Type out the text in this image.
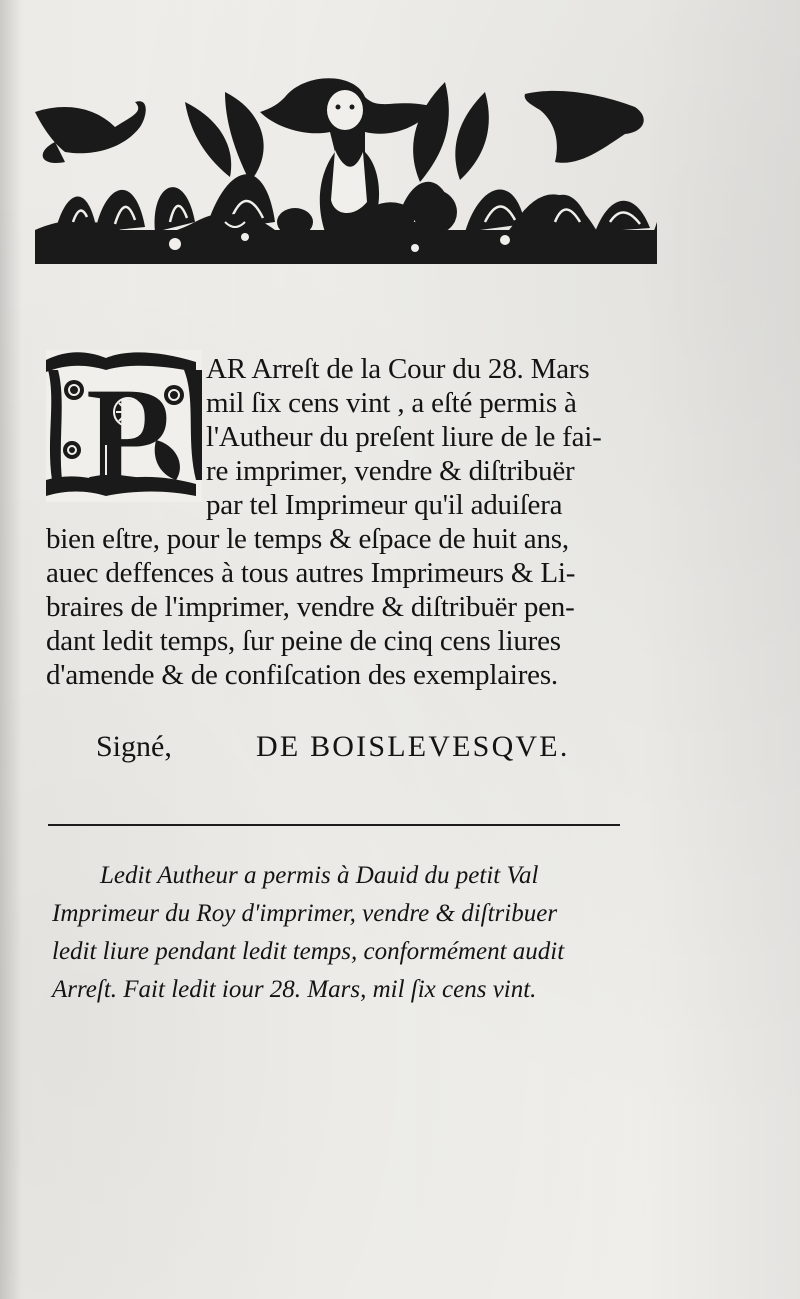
P AR Arreſt de la Cour du 28. Mars
mil ſix cens vint , a eſté permis à
l'Autheur du preſent liure de le fai-
re imprimer, vendre & diſtribuër
par tel Imprimeur qu'il aduiſera
bien eſtre, pour le temps & eſpace de huit ans,
auec deffences à tous autres Imprimeurs & Li-
braires de l'imprimer, vendre & diſtribuër pen-
dant ledit temps, ſur peine de cinq cens liures
d'amende & de confiſcation des exemplaires.
Signé,	DE BOISLEVESQVE.
Ledit Autheur a permis à Dauid du petit Val
Imprimeur du Roy d'imprimer, vendre & diſtribuer
ledit liure pendant ledit temps, conformément audit
Arreſt. Fait ledit iour 28. Mars, mil ſix cens vint.
